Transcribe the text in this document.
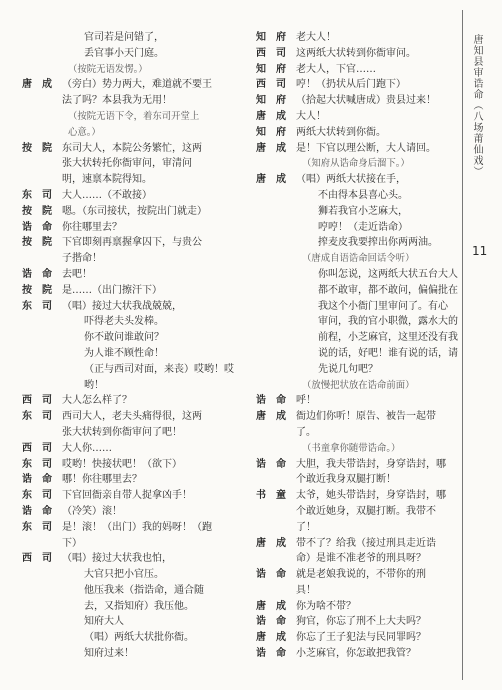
官司若是问错了，
丢官事小天门庭。
（按院无语发愣。）
唐　成	（旁白）势力两大，难道就不要王
法了吗？本县我为无用！
（按院无语下令，着东司开堂上
心意。）
按　院	东司大人，本院公务繁忙，这两
张大状转托你衙审问，审清问
明，速禀本院得知。
东　司	大人……（不敢接）
按　院	嗯。（东司接状，按院出门就走）
诰　命	你往哪里去？
按　院	下官即刻再禀握拿囚下，与贵公
子揩命！
诰　命	去吧！
按　院	是……（出门擦汗下）
东　司	（唱）接过大状我战兢兢，
吓得老夫头发棒。
你不敢问谁敢问？
为人谁不顾性命！
（正与西司对面，来丧）哎哟！哎
哟！
西　司	大人怎么样了？
东　司	西司大人，老夫头痛得很，这两
张大状转到你衙审问了吧！
西　司	大人你……
东　司	哎哟！快接状吧！（欲下）
诰　命	哪！你往哪里去？
东　司	下官回衙亲自带人捉拿凶手！
诰　命	（冷笑）滚！
东　司	是！滚！（出门）我的妈呀！（跑
下）
西　司	（唱）接过大状我也怕，
大官只把小官压。
他压我来（指诰命，通合随
去，又指知府）我压他。
知府大人
（唱）两纸大状批你衙。
知府过来！
知　府	老大人！
西　司	这两纸大状转到你衙审问。
知　府	老大人，下官……
西　司	哼！（扔状从后门跑下）
知　府	（拾起大状喊唐成）贵县过来！
唐　成	大人！
知　府	两纸大状转到你衙。
唐　成	是！下官以理公断，大人请回。
（知府从诰命身后溜下。）
唐　成	（唱）两纸大状接在手，
不由得本县喜心头。
狮若我官小芝麻大，
哼哼！（走近诰命）
搾麦皮我要搾出你两两油。
（唐成自语诰命回话令听）
你叫怎说，这两纸大状五台大人
都不敢审，都不敢问，偏偏批在
我这个小衙门里审问了。有心
审问，我的官小职微，露水大的
前程，小芝麻官，这里还没有我
说的话，好吧！谁有说的话，请
先说几句吧？
（放慢把状放在诰命前面）
诰　命	呼！
唐　成	衙边们你听！原告、被告一起带
了。
（书童拿你随带诰命。）
诰　命	大胆，我夫带诰封，身穿诰封，哪
个敢近我身双腿打断！
书　童	太爷，她头带诰封，身穿诰封，哪
个敢近她身，双腿打断。我带不
了！
唐　成	带不了？给我（接过刑具走近诰
命）是谁不准老爷的刑具呀？
诰　命	就是老娘我说的，不带你的刑
具！
唐　成	你为啥不带？
诰　命	狗官，你忘了刑不上大夫吗？
唐　成	你忘了王子犯法与民同罪吗？
诰　命	小芝麻官，你怎敢把我管？
唐知县审诰命（八场莆仙戏）
11
